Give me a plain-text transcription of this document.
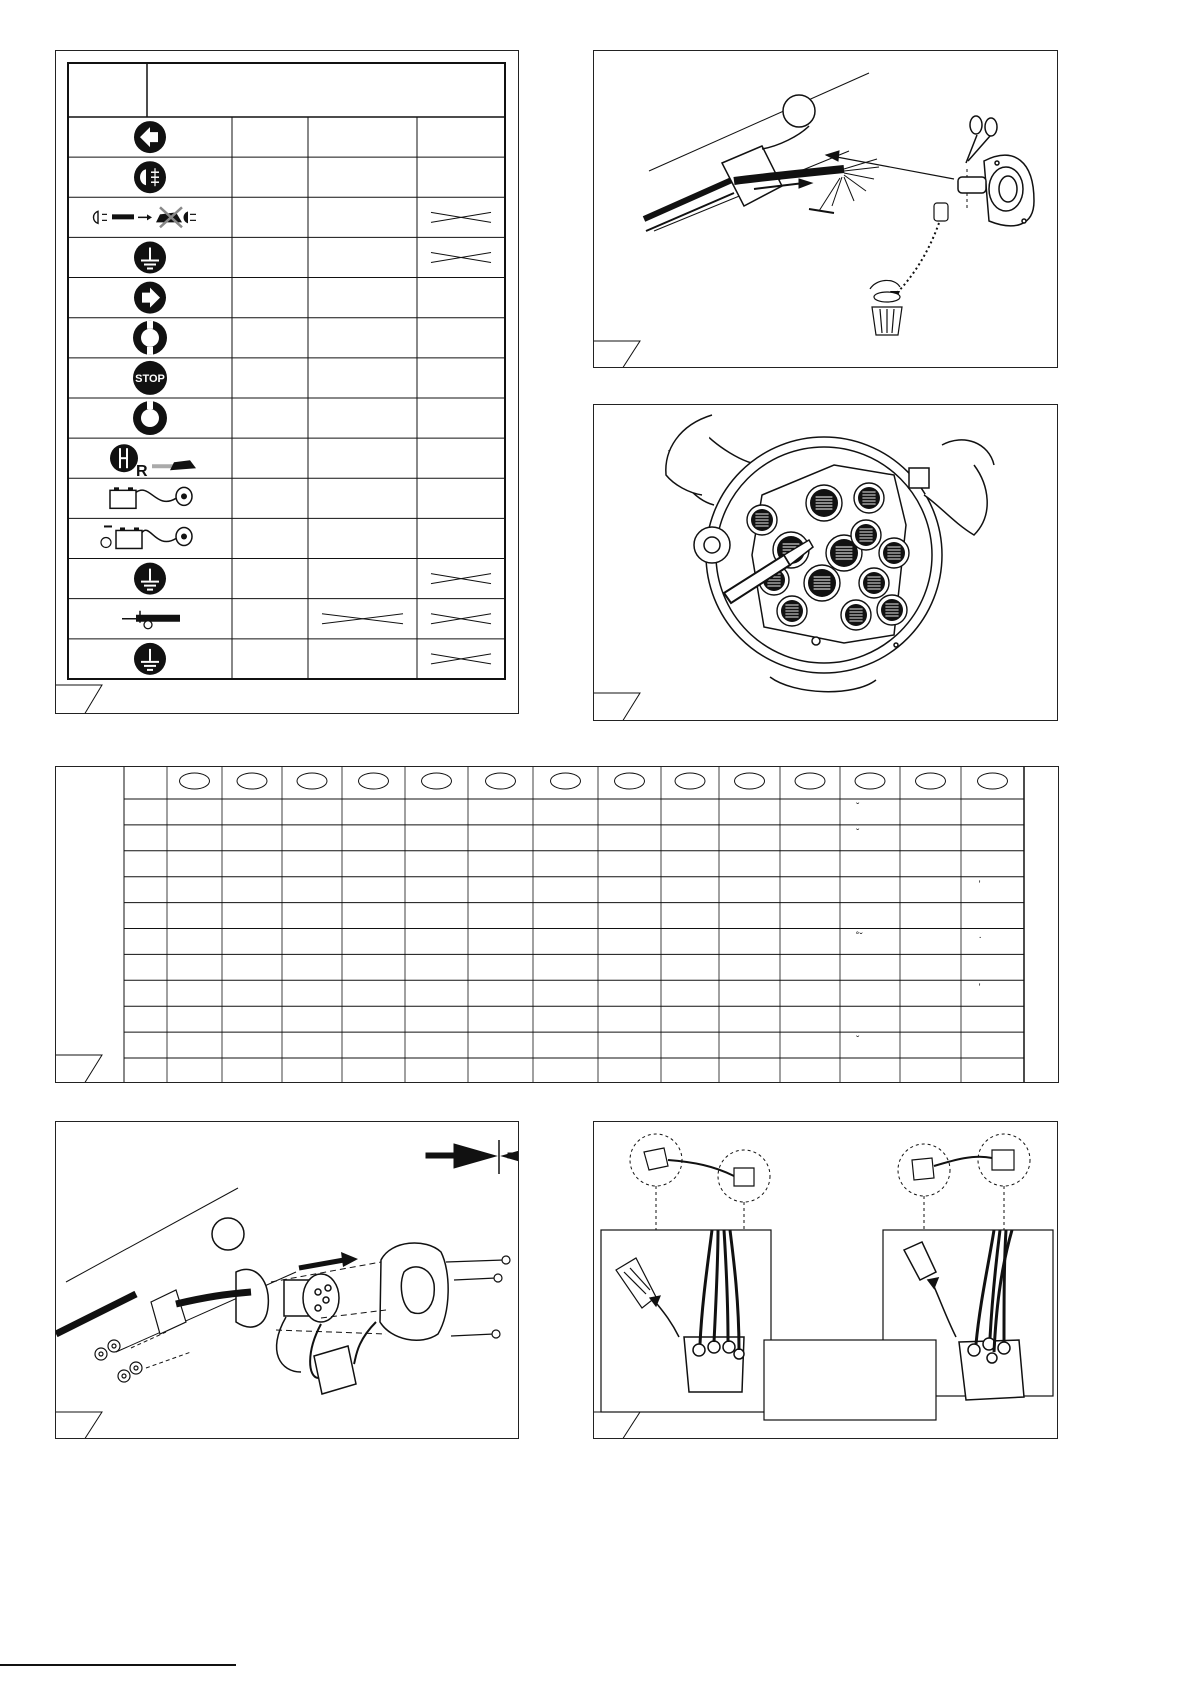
STOP
R
ˇ
ˇ
ʼ
˚ˇ	·
ʼ
ˇ
